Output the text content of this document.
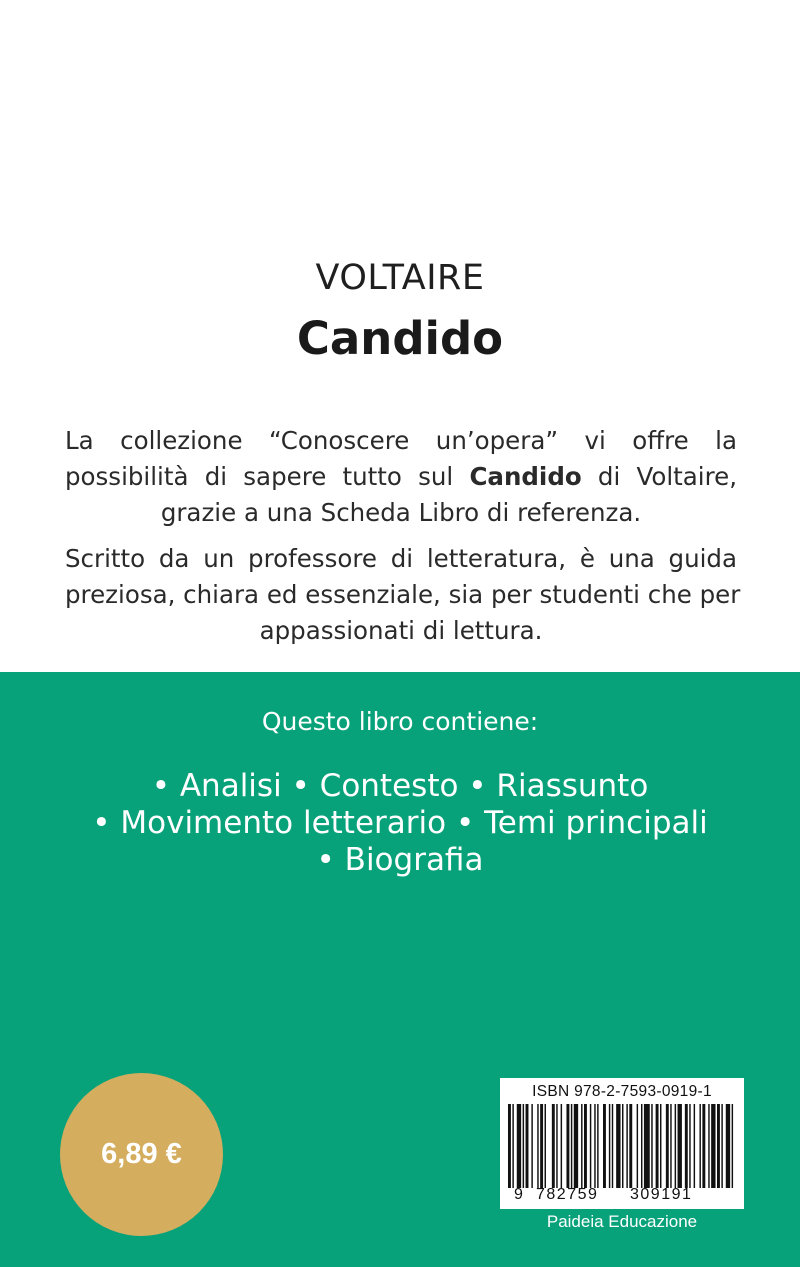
VOLTAIRE
Candido
La collezione “Conoscere un’opera” vi offre la
possibilità di sapere tutto sul Candido di Voltaire,
grazie a una Scheda Libro di referenza.
Scritto da un professore di letteratura, è una guida
preziosa, chiara ed essenziale, sia per studenti che per
appassionati di lettura.
Questo libro contiene:
• Analisi • Contesto • Riassunto
• Movimento letterario • Temi principali
• Biografia
6,89 €
ISBN 978-2-7593-0919-1
9 782759 309191
Paideia Educazione
